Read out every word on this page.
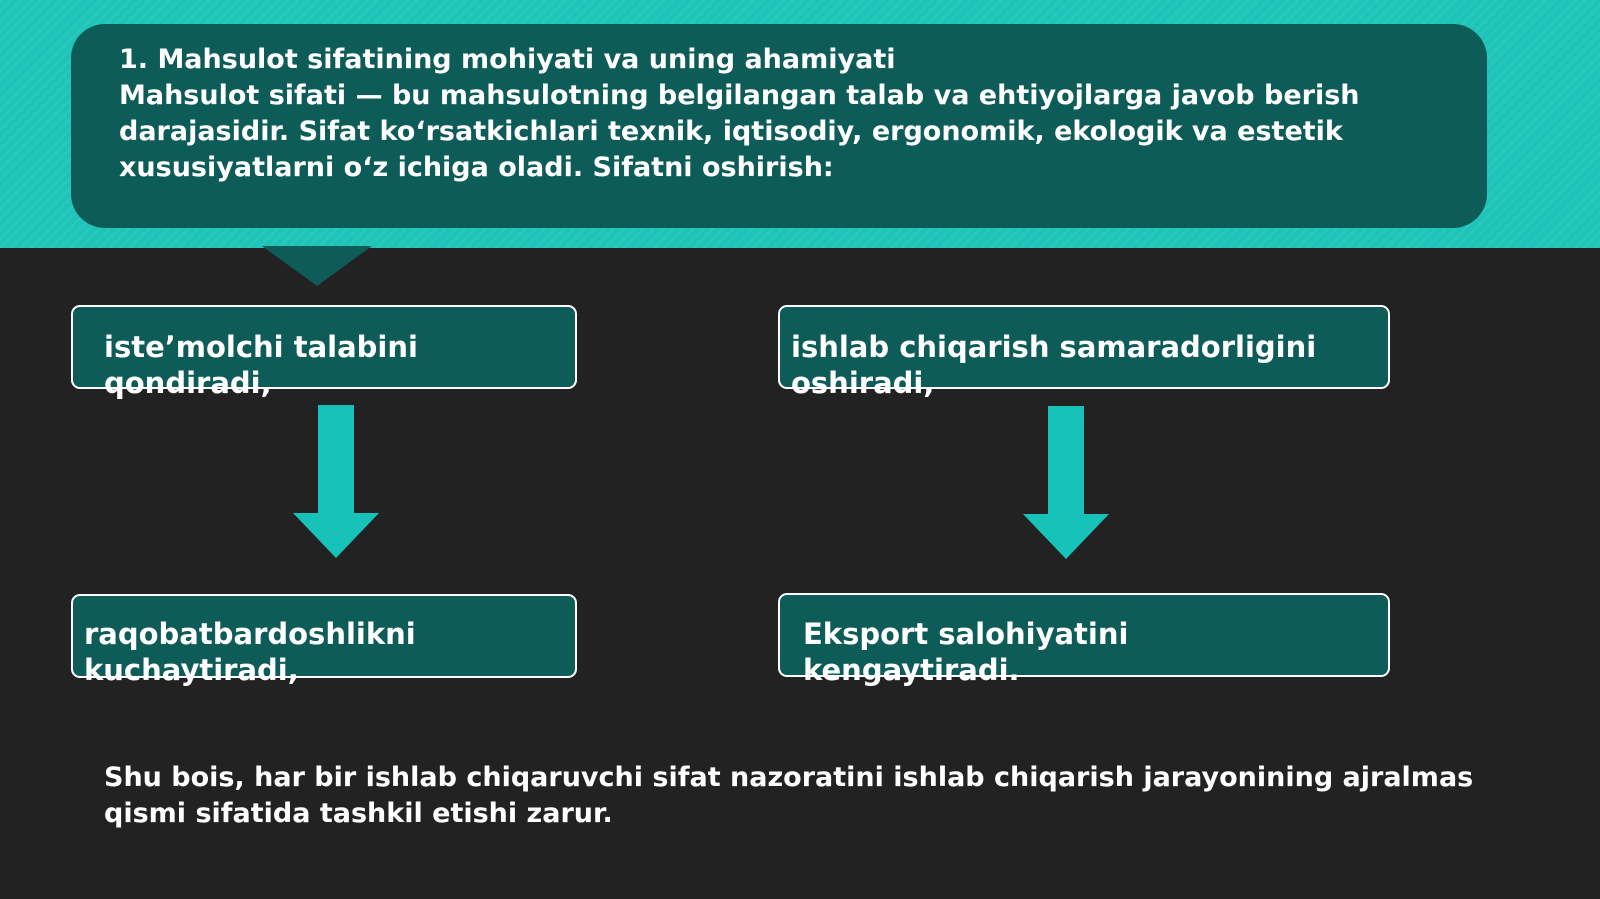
1. Mahsulot sifatining mohiyati va uning ahamiyati
Mahsulot sifati — bu mahsulotning belgilangan talab va ehtiyojlarga javob berish
darajasidir. Sifat koʻrsatkichlari texnik, iqtisodiy, ergonomik, ekologik va estetik
xususiyatlarni oʻz ichiga oladi. Sifatni oshirish:

isteʼmolchi talabini
qondiradi,
ishlab chiqarish samaradorligini
oshiradi,
raqobatbardoshlikni
kuchaytiradi,
Eksport salohiyatini
kengaytiradi.

Shu bois, har bir ishlab chiqaruvchi sifat nazoratini ishlab chiqarish jarayonining ajralmas
qismi sifatida tashkil etishi zarur.
